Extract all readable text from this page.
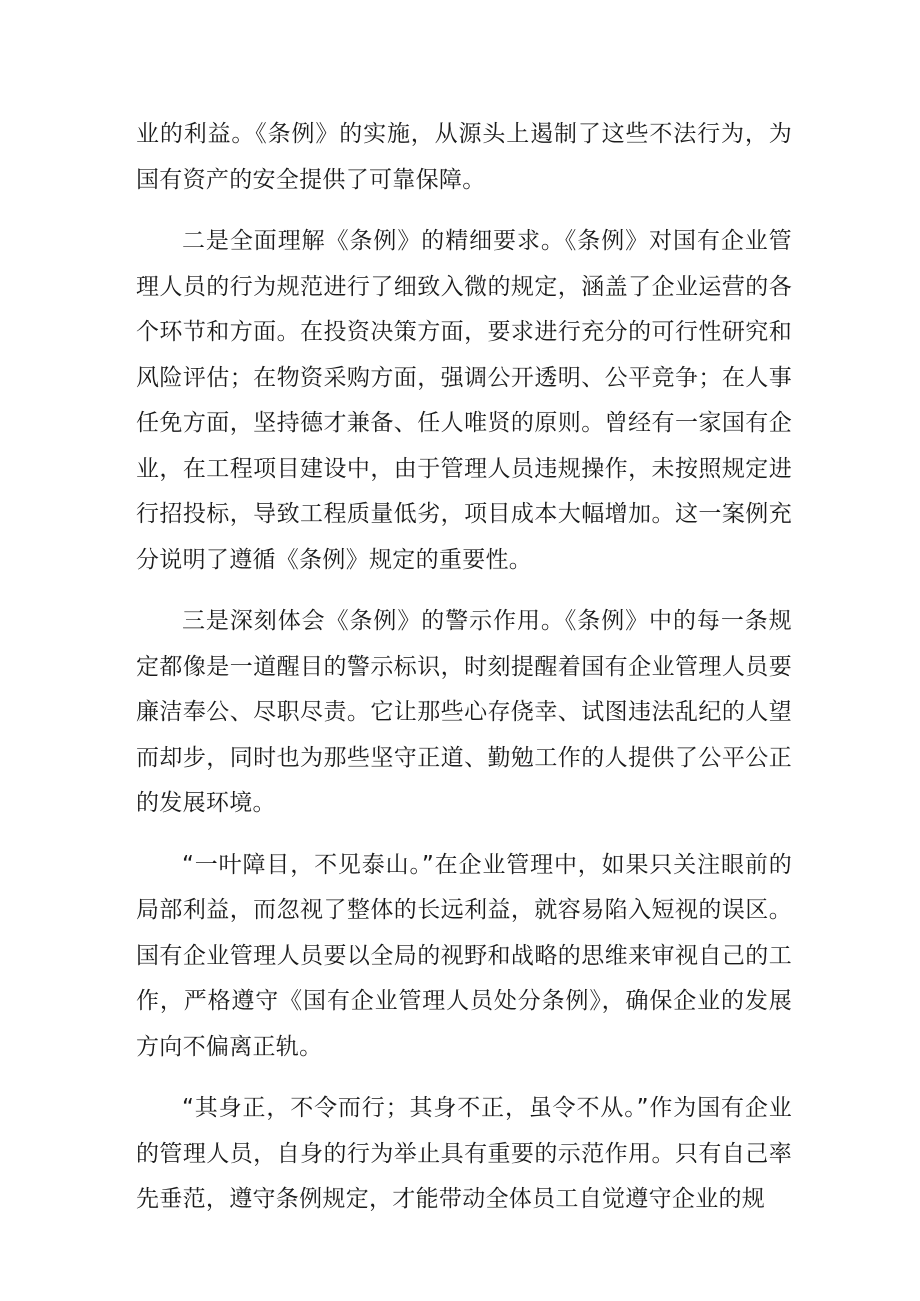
业的利益。《条例》的实施，从源头上遏制了这些不法行为，为国有资产的安全提供了可靠保障。

二是全面理解《条例》的精细要求。《条例》对国有企业管理人员的行为规范进行了细致入微的规定，涵盖了企业运营的各个环节和方面。在投资决策方面，要求进行充分的可行性研究和风险评估；在物资采购方面，强调公开透明、公平竞争；在人事任免方面，坚持德才兼备、任人唯贤的原则。曾经有一家国有企业，在工程项目建设中，由于管理人员违规操作，未按照规定进行招投标，导致工程质量低劣，项目成本大幅增加。这一案例充分说明了遵循《条例》规定的重要性。

三是深刻体会《条例》的警示作用。《条例》中的每一条规定都像是一道醒目的警示标识，时刻提醒着国有企业管理人员要廉洁奉公、尽职尽责。它让那些心存侥幸、试图违法乱纪的人望而却步，同时也为那些坚守正道、勤勉工作的人提供了公平公正的发展环境。

“一叶障目，不见泰山。”在企业管理中，如果只关注眼前的局部利益，而忽视了整体的长远利益，就容易陷入短视的误区。国有企业管理人员要以全局的视野和战略的思维来审视自己的工作，严格遵守《国有企业管理人员处分条例》，确保企业的发展方向不偏离正轨。

“其身正，不令而行；其身不正，虽令不从。”作为国有企业的管理人员，自身的行为举止具有重要的示范作用。只有自己率先垂范，遵守条例规定，才能带动全体员工自觉遵守企业的规
